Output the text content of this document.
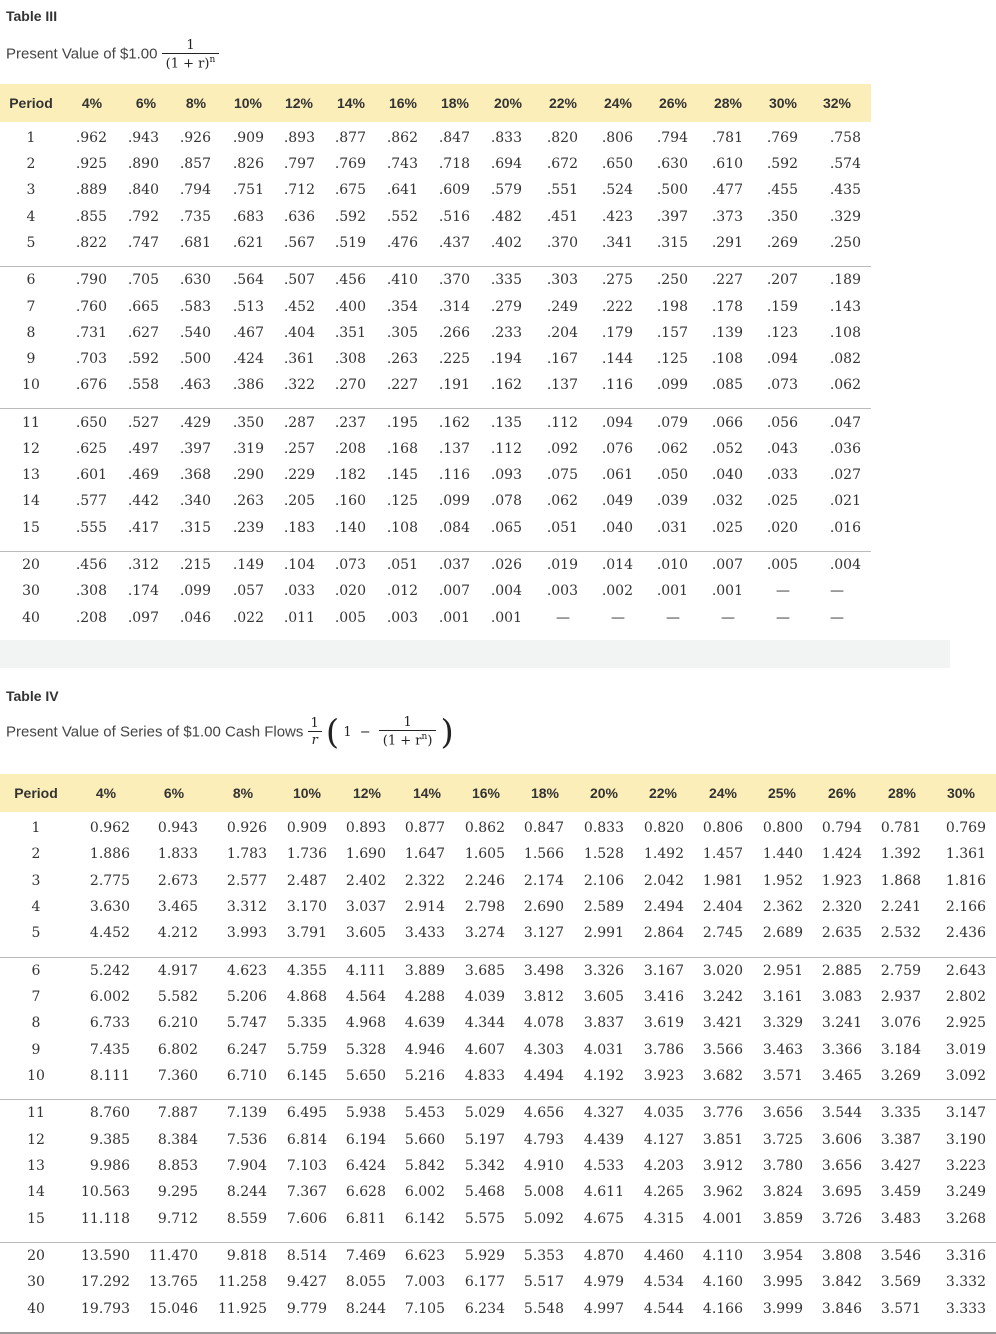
Table III
Present Value of $1.00 $\frac{1}{(1 + r)^n}$
Period	4%	6%	8%	10%	12%	14%	16%	18%	20%	22%	24%	26%	28%	30%	32%
1	.962	.943	.926	.909	.893	.877	.862	.847	.833	.820	.806	.794	.781	.769	.758
2	.925	.890	.857	.826	.797	.769	.743	.718	.694	.672	.650	.630	.610	.592	.574
3	.889	.840	.794	.751	.712	.675	.641	.609	.579	.551	.524	.500	.477	.455	.435
4	.855	.792	.735	.683	.636	.592	.552	.516	.482	.451	.423	.397	.373	.350	.329
5	.822	.747	.681	.621	.567	.519	.476	.437	.402	.370	.341	.315	.291	.269	.250
6	.790	.705	.630	.564	.507	.456	.410	.370	.335	.303	.275	.250	.227	.207	.189
7	.760	.665	.583	.513	.452	.400	.354	.314	.279	.249	.222	.198	.178	.159	.143
8	.731	.627	.540	.467	.404	.351	.305	.266	.233	.204	.179	.157	.139	.123	.108
9	.703	.592	.500	.424	.361	.308	.263	.225	.194	.167	.144	.125	.108	.094	.082
10	.676	.558	.463	.386	.322	.270	.227	.191	.162	.137	.116	.099	.085	.073	.062
11	.650	.527	.429	.350	.287	.237	.195	.162	.135	.112	.094	.079	.066	.056	.047
12	.625	.497	.397	.319	.257	.208	.168	.137	.112	.092	.076	.062	.052	.043	.036
13	.601	.469	.368	.290	.229	.182	.145	.116	.093	.075	.061	.050	.040	.033	.027
14	.577	.442	.340	.263	.205	.160	.125	.099	.078	.062	.049	.039	.032	.025	.021
15	.555	.417	.315	.239	.183	.140	.108	.084	.065	.051	.040	.031	.025	.020	.016
20	.456	.312	.215	.149	.104	.073	.051	.037	.026	.019	.014	.010	.007	.005	.004
30	.308	.174	.099	.057	.033	.020	.012	.007	.004	.003	.002	.001	.001	—	—
40	.208	.097	.046	.022	.011	.005	.003	.001	.001	—	—	—	—	—	—
Table IV
Present Value of Series of $1.00 Cash Flows $\frac{1}{r}$ ( $1 - \frac{1}{(1 + r^n)}$ )
Period	4%	6%	8%	10%	12%	14%	16%	18%	20%	22%	24%	25%	26%	28%	30%
1	0.962	0.943	0.926	0.909	0.893	0.877	0.862	0.847	0.833	0.820	0.806	0.800	0.794	0.781	0.769
2	1.886	1.833	1.783	1.736	1.690	1.647	1.605	1.566	1.528	1.492	1.457	1.440	1.424	1.392	1.361
3	2.775	2.673	2.577	2.487	2.402	2.322	2.246	2.174	2.106	2.042	1.981	1.952	1.923	1.868	1.816
4	3.630	3.465	3.312	3.170	3.037	2.914	2.798	2.690	2.589	2.494	2.404	2.362	2.320	2.241	2.166
5	4.452	4.212	3.993	3.791	3.605	3.433	3.274	3.127	2.991	2.864	2.745	2.689	2.635	2.532	2.436
6	5.242	4.917	4.623	4.355	4.111	3.889	3.685	3.498	3.326	3.167	3.020	2.951	2.885	2.759	2.643
7	6.002	5.582	5.206	4.868	4.564	4.288	4.039	3.812	3.605	3.416	3.242	3.161	3.083	2.937	2.802
8	6.733	6.210	5.747	5.335	4.968	4.639	4.344	4.078	3.837	3.619	3.421	3.329	3.241	3.076	2.925
9	7.435	6.802	6.247	5.759	5.328	4.946	4.607	4.303	4.031	3.786	3.566	3.463	3.366	3.184	3.019
10	8.111	7.360	6.710	6.145	5.650	5.216	4.833	4.494	4.192	3.923	3.682	3.571	3.465	3.269	3.092
11	8.760	7.887	7.139	6.495	5.938	5.453	5.029	4.656	4.327	4.035	3.776	3.656	3.544	3.335	3.147
12	9.385	8.384	7.536	6.814	6.194	5.660	5.197	4.793	4.439	4.127	3.851	3.725	3.606	3.387	3.190
13	9.986	8.853	7.904	7.103	6.424	5.842	5.342	4.910	4.533	4.203	3.912	3.780	3.656	3.427	3.223
14	10.563	9.295	8.244	7.367	6.628	6.002	5.468	5.008	4.611	4.265	3.962	3.824	3.695	3.459	3.249
15	11.118	9.712	8.559	7.606	6.811	6.142	5.575	5.092	4.675	4.315	4.001	3.859	3.726	3.483	3.268
20	13.590	11.470	9.818	8.514	7.469	6.623	5.929	5.353	4.870	4.460	4.110	3.954	3.808	3.546	3.316
30	17.292	13.765	11.258	9.427	8.055	7.003	6.177	5.517	4.979	4.534	4.160	3.995	3.842	3.569	3.332
40	19.793	15.046	11.925	9.779	8.244	7.105	6.234	5.548	4.997	4.544	4.166	3.999	3.846	3.571	3.333
